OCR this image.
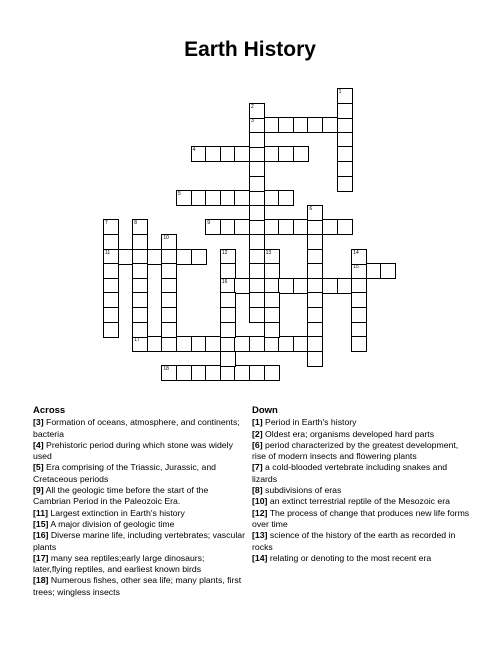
Earth History
3
4
5
9
11
15
16
17
18
1
2
6
7	8
10
12	13	14
Across
[3] Formation of oceans, atmosphere, and continents; bacteria
[4] Prehistoric period during which stone was widely used
[5] Era comprising of the Triassic, Jurassic, and Cretaceous periods
[9] All the geologic time before the start of the Cambrian Period in the Paleozoic Era.
[11] Largest extinction in Earth's history
[15] A major division of geologic time
[16] Diverse marine life, including vertebrates; vascular plants
[17] many sea reptiles;early large dinosaurs; later,flying reptiles, and earliest known birds
[18] Numerous fishes, other sea life; many plants, first trees; wingless insects
Down
[1] Period in Earth's history
[2] Oldest era; organisms developed hard parts
[6] period characterized by the greatest development, rise of modern insects and flowering plants
[7] a cold-blooded vertebrate including snakes and lizards
[8] subdivisions of eras
[10] an extinct terrestrial reptile of the Mesozoic era
[12] The process of change that produces new life forms over time
[13] science of the history of the earth as recorded in rocks
[14] relating or denoting to the most recent era
